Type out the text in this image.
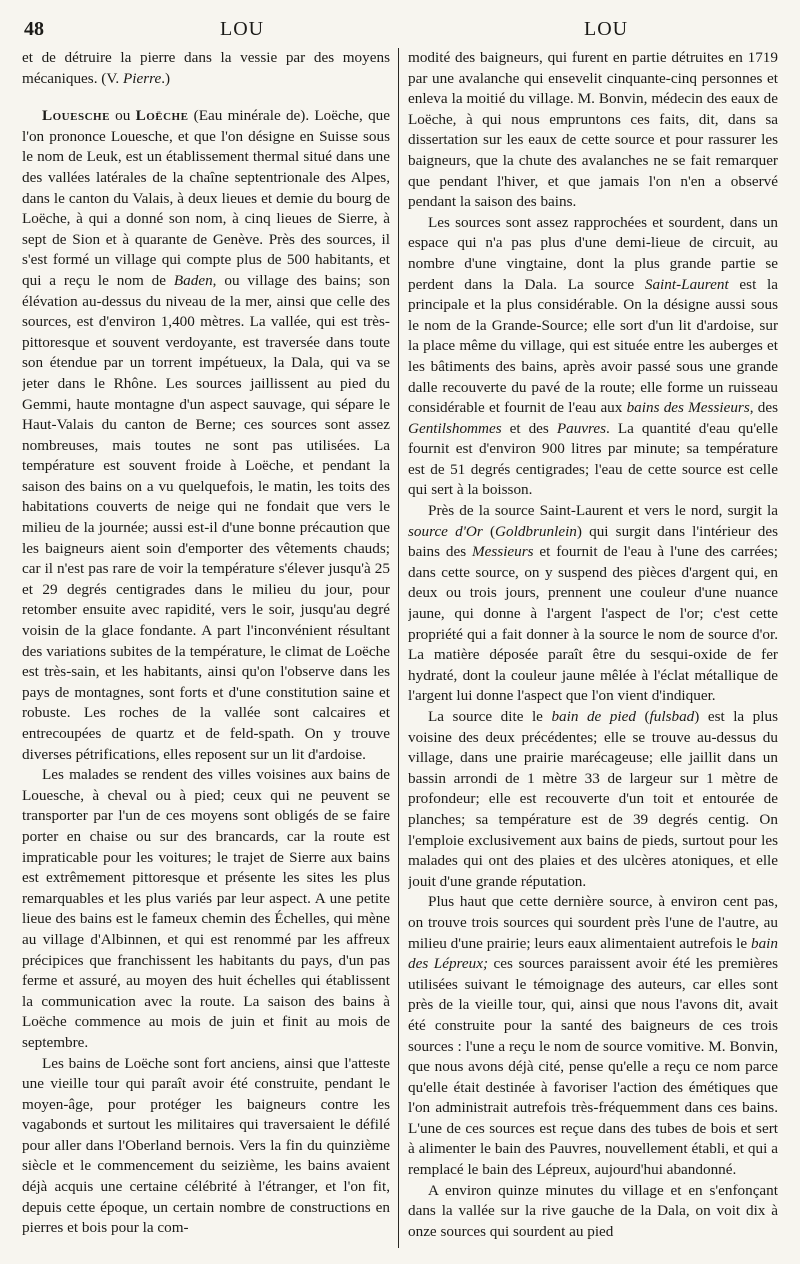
48	LOU	LOU

et de détruire la pierre dans la vessie par des moyens mécaniques. (V. Pierre.)

Louesche ou Loëche (Eau minérale de). Loëche, que l'on prononce Louesche, et que l'on désigne en Suisse sous le nom de Leuk, est un établissement thermal situé dans une des vallées latérales de la chaîne septentrionale des Alpes, dans le canton du Valais, à deux lieues et demie du bourg de Loëche, à qui a donné son nom, à cinq lieues de Sierre, à sept de Sion et à quarante de Genève. Près des sources, il s'est formé un village qui compte plus de 500 habitants, et qui a reçu le nom de Baden, ou village des bains; son élévation au-dessus du niveau de la mer, ainsi que celle des sources, est d'environ 1,400 mètres. La vallée, qui est très-pittoresque et souvent verdoyante, est traversée dans toute son étendue par un torrent impétueux, la Dala, qui va se jeter dans le Rhône. Les sources jaillissent au pied du Gemmi, haute montagne d'un aspect sauvage, qui sépare le Haut-Valais du canton de Berne; ces sources sont assez nombreuses, mais toutes ne sont pas utilisées. La température est souvent froide à Loëche, et pendant la saison des bains on a vu quelquefois, le matin, les toits des habitations couverts de neige qui ne fondait que vers le milieu de la journée; aussi est-il d'une bonne précaution que les baigneurs aient soin d'emporter des vêtements chauds; car il n'est pas rare de voir la température s'élever jusqu'à 25 et 29 degrés centigrades dans le milieu du jour, pour retomber ensuite avec rapidité, vers le soir, jusqu'au degré voisin de la glace fondante. A part l'inconvénient résultant des variations subites de la température, le climat de Loëche est très-sain, et les habitants, ainsi qu'on l'observe dans les pays de montagnes, sont forts et d'une constitution saine et robuste. Les roches de la vallée sont calcaires et entrecoupées de quartz et de feld-spath. On y trouve diverses pétrifications, elles reposent sur un lit d'ardoise.

Les malades se rendent des villes voisines aux bains de Louesche, à cheval ou à pied; ceux qui ne peuvent se transporter par l'un de ces moyens sont obligés de se faire porter en chaise ou sur des brancards, car la route est impraticable pour les voitures; le trajet de Sierre aux bains est extrêmement pittoresque et présente les sites les plus remarquables et les plus variés par leur aspect. A une petite lieue des bains est le fameux chemin des Échelles, qui mène au village d'Albinnen, et qui est renommé par les affreux précipices que franchissent les habitants du pays, d'un pas ferme et assuré, au moyen des huit échelles qui établissent la communication avec la route. La saison des bains à Loëche commence au mois de juin et finit au mois de septembre.

Les bains de Loëche sont fort anciens, ainsi que l'atteste une vieille tour qui paraît avoir été construite, pendant le moyen-âge, pour protéger les baigneurs contre les vagabonds et surtout les militaires qui traversaient le défilé pour aller dans l'Oberland bernois. Vers la fin du quinzième siècle et le commencement du seizième, les bains avaient déjà acquis une certaine célébrité à l'étranger, et l'on fit, depuis cette époque, un certain nombre de constructions en pierres et bois pour la com-

modité des baigneurs, qui furent en partie détruites en 1719 par une avalanche qui ensevelit cinquante-cinq personnes et enleva la moitié du village. M. Bonvin, médecin des eaux de Loëche, à qui nous empruntons ces faits, dit, dans sa dissertation sur les eaux de cette source et pour rassurer les baigneurs, que la chute des avalanches ne se fait remarquer que pendant l'hiver, et que jamais l'on n'en a observé pendant la saison des bains.

Les sources sont assez rapprochées et sourdent, dans un espace qui n'a pas plus d'une demi-lieue de circuit, au nombre d'une vingtaine, dont la plus grande partie se perdent dans la Dala. La source Saint-Laurent est la principale et la plus considérable. On la désigne aussi sous le nom de la Grande-Source; elle sort d'un lit d'ardoise, sur la place même du village, qui est située entre les auberges et les bâtiments des bains, après avoir passé sous une grande dalle recouverte du pavé de la route; elle forme un ruisseau considérable et fournit de l'eau aux bains des Messieurs, des Gentilshommes et des Pauvres. La quantité d'eau qu'elle fournit est d'environ 900 litres par minute; sa température est de 51 degrés centigrades; l'eau de cette source est celle qui sert à la boisson.

Près de la source Saint-Laurent et vers le nord, surgit la source d'Or (Goldbrunlein) qui surgit dans l'intérieur des bains des Messieurs et fournit de l'eau à l'une des carrées; dans cette source, on y suspend des pièces d'argent qui, en deux ou trois jours, prennent une couleur d'une nuance jaune, qui donne à l'argent l'aspect de l'or; c'est cette propriété qui a fait donner à la source le nom de source d'or. La matière déposée paraît être du sesqui-oxide de fer hydraté, dont la couleur jaune mêlée à l'éclat métallique de l'argent lui donne l'aspect que l'on vient d'indiquer.

La source dite le bain de pied (fulsbad) est la plus voisine des deux précédentes; elle se trouve au-dessus du village, dans une prairie marécageuse; elle jaillit dans un bassin arrondi de 1 mètre 33 de largeur sur 1 mètre de profondeur; elle est recouverte d'un toit et entourée de planches; sa température est de 39 degrés centig. On l'emploie exclusivement aux bains de pieds, surtout pour les malades qui ont des plaies et des ulcères atoniques, et elle jouit d'une grande réputation.

Plus haut que cette dernière source, à environ cent pas, on trouve trois sources qui sourdent près l'une de l'autre, au milieu d'une prairie; leurs eaux alimentaient autrefois le bain des Lépreux; ces sources paraissent avoir été les premières utilisées suivant le témoignage des auteurs, car elles sont près de la vieille tour, qui, ainsi que nous l'avons dit, avait été construite pour la santé des baigneurs de ces trois sources : l'une a reçu le nom de source vomitive. M. Bonvin, que nous avons déjà cité, pense qu'elle a reçu ce nom parce qu'elle était destinée à favoriser l'action des émétiques que l'on administrait autrefois très-fréquemment dans ces bains. L'une de ces sources est reçue dans des tubes de bois et sert à alimenter le bain des Pauvres, nouvellement établi, et qui a remplacé le bain des Lépreux, aujourd'hui abandonné.

A environ quinze minutes du village et en s'enfonçant dans la vallée sur la rive gauche de la Dala, on voit dix à onze sources qui sourdent au pied
